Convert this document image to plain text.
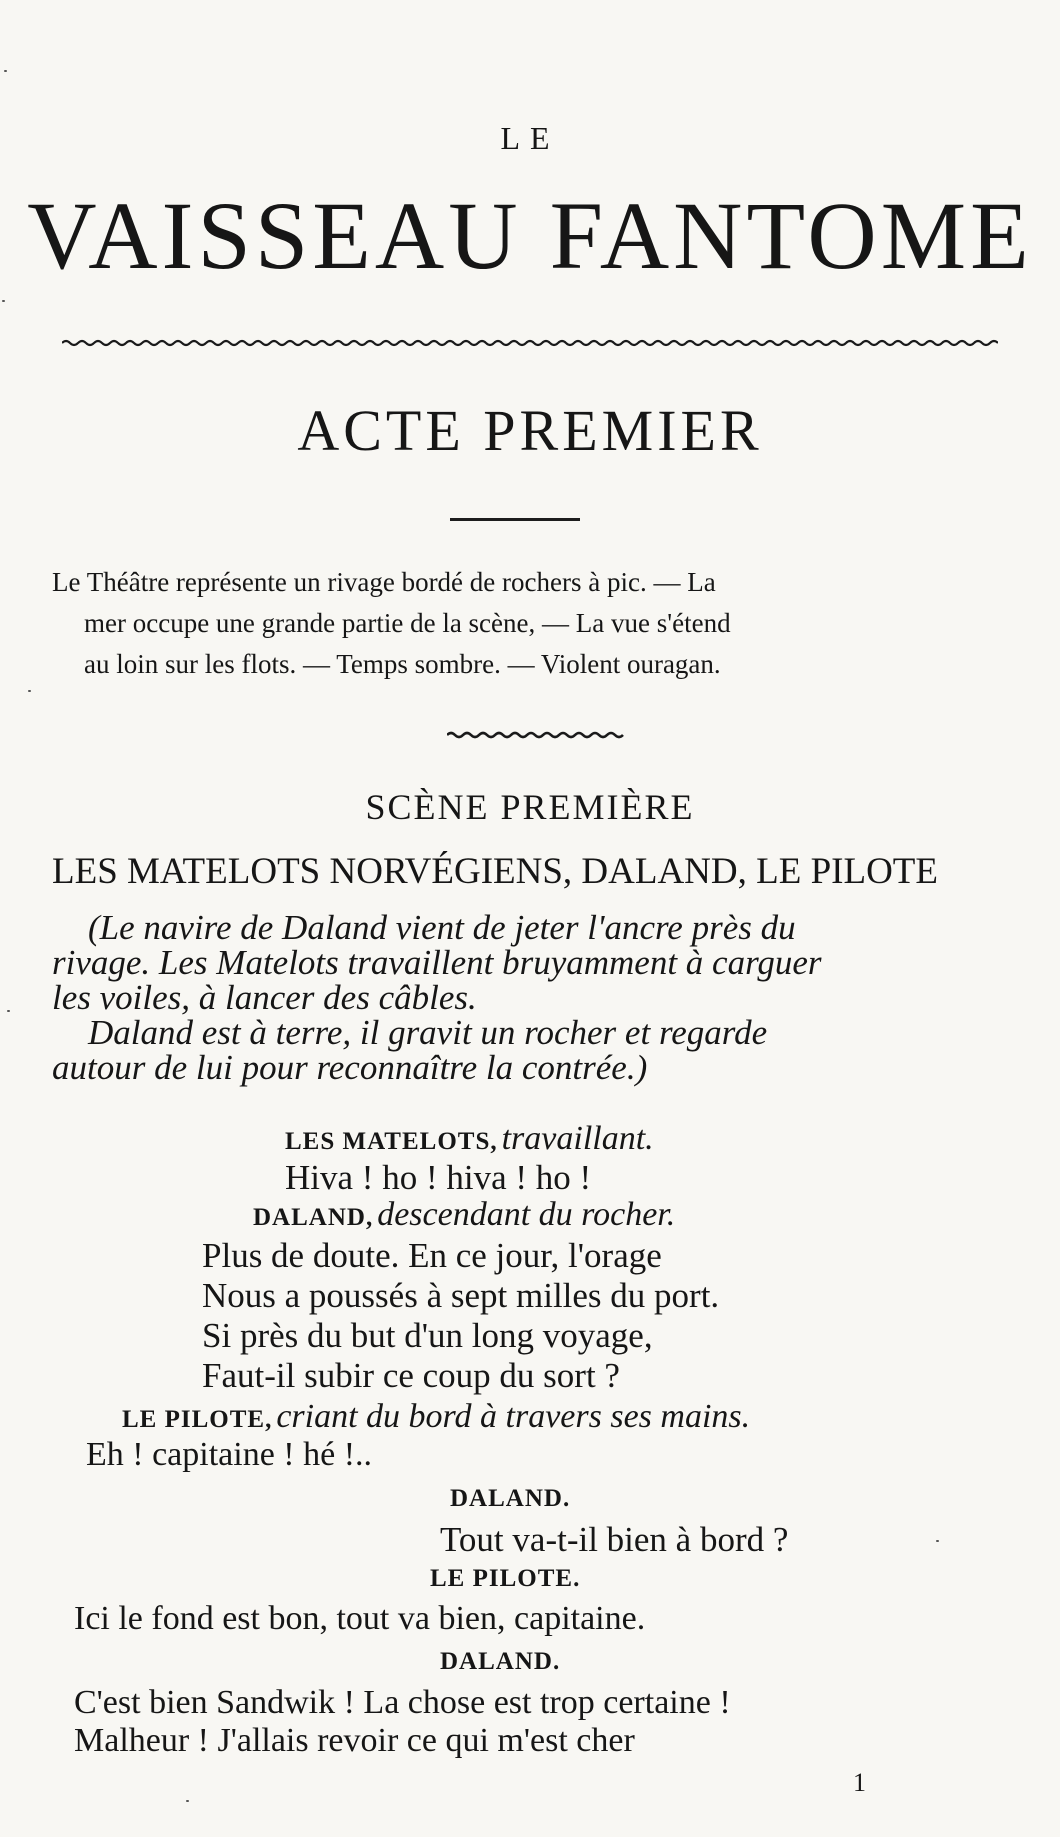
LE
VAISSEAU FANTOME
ACTE PREMIER
Le Théâtre représente un rivage bordé de rochers à pic. — La
mer occupe une grande partie de la scène, — La vue s'étend
au loin sur les flots. — Temps sombre. — Violent ouragan.
SCÈNE PREMIÈRE
LES MATELOTS NORVÉGIENS, DALAND, LE PILOTE
(Le navire de Daland vient de jeter l'ancre près du
rivage. Les Matelots travaillent bruyamment à carguer
les voiles, à lancer des câbles.
Daland est à terre, il gravit un rocher et regarde
autour de lui pour reconnaître la contrée.)
LES MATELOTS, travaillant.
Hiva ! ho ! hiva ! ho !
DALAND, descendant du rocher.
Plus de doute. En ce jour, l'orage
Nous a poussés à sept milles du port.
Si près du but d'un long voyage,
Faut-il subir ce coup du sort ?
LE PILOTE, criant du bord à travers ses mains.
Eh ! capitaine ! hé !..
DALAND.
Tout va-t-il bien à bord ?
LE PILOTE.
Ici le fond est bon, tout va bien, capitaine.
DALAND.
C'est bien Sandwik ! La chose est trop certaine !
Malheur ! J'allais revoir ce qui m'est cher
1
